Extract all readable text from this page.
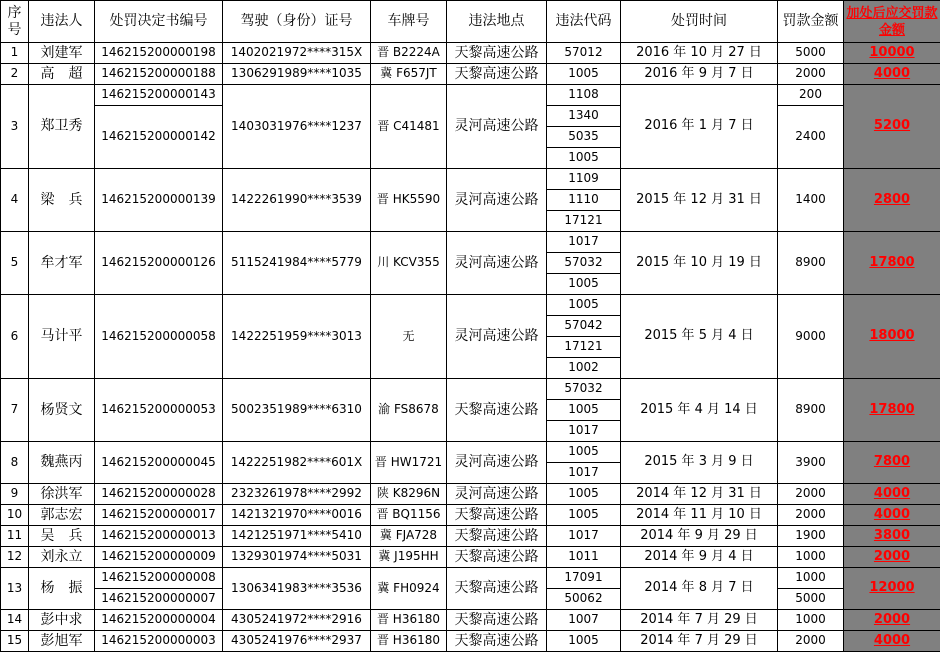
序号	违法人	处罚决定书编号	驾驶（身份）证号	车牌号	违法地点	违法代码	处罚时间	罚款金额	加处后应交罚款金额
1	刘建军	146215200000198	1402021972****315X	晋 B2224A	天黎高速公路	57012	2016 年 10 月 27 日	5000	10000
2	高　超	146215200000188	1306291989****1035	冀 F657JT	天黎高速公路	1005	2016 年 9 月 7 日	2000	4000
3	郑卫秀	146215200000143	1403031976****1237	晋 C41481	灵河高速公路	1108	2016 年 1 月 7 日	200	5200
		146215200000142				1340		2400	
						5035			
						1005			
4	梁　兵	146215200000139	1422261990****3539	晋 HK5590	灵河高速公路	1109	2015 年 12 月 31 日	1400	2800
						1110			
						17121			
5	牟才军	146215200000126	5115241984****5779	川 KCV355	灵河高速公路	1017	2015 年 10 月 19 日	8900	17800
						57032			
						1005			
6	马计平	146215200000058	1422251959****3013	无	灵河高速公路	1005	2015 年 5 月 4 日	9000	18000
						57042			
						17121			
						1002			
7	杨贤文	146215200000053	5002351989****6310	渝 FS8678	天黎高速公路	57032	2015 年 4 月 14 日	8900	17800
						1005			
						1017			
8	魏燕丙	146215200000045	1422251982****601X	晋 HW1721	灵河高速公路	1005	2015 年 3 月 9 日	3900	7800
						1017			
9	徐洪军	146215200000028	2323261978****2992	陕 K8296N	灵河高速公路	1005	2014 年 12 月 31 日	2000	4000
10	郭志宏	146215200000017	1421321970****0016	晋 BQ1156	天黎高速公路	1005	2014 年 11 月 10 日	2000	4000
11	吴　兵	146215200000013	1421251971****5410	冀 FJA728	天黎高速公路	1017	2014 年 9 月 29 日	1900	3800
12	刘永立	146215200000009	1329301974****5031	冀 J195HH	天黎高速公路	1011	2014 年 9 月 4 日	1000	2000
13	杨　振	146215200000008	1306341983****3536	冀 FH0924	天黎高速公路	17091	2014 年 8 月 7 日	1000	12000
		146215200000007				50062		5000	
14	彭中求	146215200000004	4305241972****2916	晋 H36180	天黎高速公路	1007	2014 年 7 月 29 日	1000	2000
15	彭旭军	146215200000003	4305241976****2937	晋 H36180	天黎高速公路	1005	2014 年 7 月 29 日	2000	4000
